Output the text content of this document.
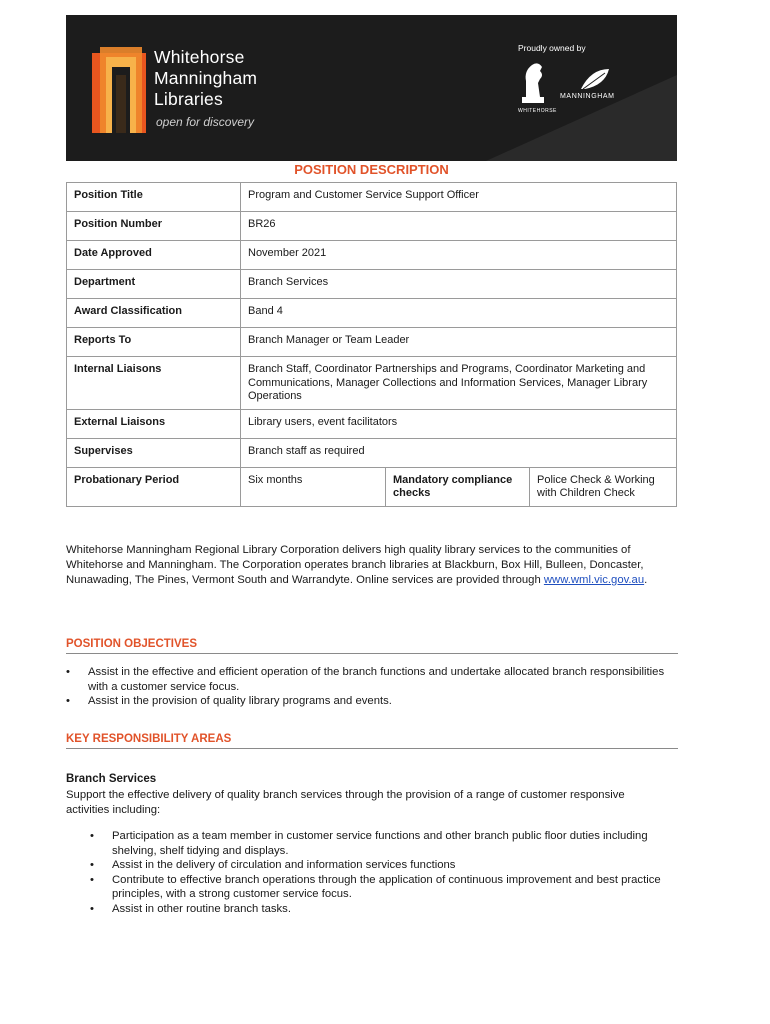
Whitehorse
Manningham
Libraries
open for discovery
Proudly owned by
WHITEHORSE
MANNINGHAM
POSITION DESCRIPTION
Position Title	Program and Customer Service Support Officer		
Position Number	BR26		
Date Approved	November 2021		
Department	Branch Services		
Award Classification	Band 4		
Reports To	Branch Manager or Team Leader		
Internal Liaisons	Branch Staff, Coordinator Partnerships and Programs, Coordinator Marketing and Communications, Manager Collections and Information Services, Manager Library Operations		
External Liaisons	Library users, event facilitators		
Supervises	Branch staff as required		
Probationary Period	Six months	Mandatory compliance checks	Police Check & Working with Children Check
Whitehorse Manningham Regional Library Corporation delivers high quality library services to the communities of Whitehorse and Manningham. The Corporation operates branch libraries at Blackburn, Box Hill, Bulleen, Doncaster, Nunawading, The Pines, Vermont South and Warrandyte. Online services are provided through www.wml.vic.gov.au.
POSITION OBJECTIVES
• Assist in the effective and efficient operation of the branch functions and undertake allocated branch responsibilities with a customer service focus.
• Assist in the provision of quality library programs and events.
KEY RESPONSIBILITY AREAS
Branch Services
Support the effective delivery of quality branch services through the provision of a range of customer responsive activities including:
• Participation as a team member in customer service functions and other branch public floor duties including shelving, shelf tidying and displays.
• Assist in the delivery of circulation and information services functions
• Contribute to effective branch operations through the application of continuous improvement and best practice principles, with a strong customer service focus.
• Assist in other routine branch tasks.
